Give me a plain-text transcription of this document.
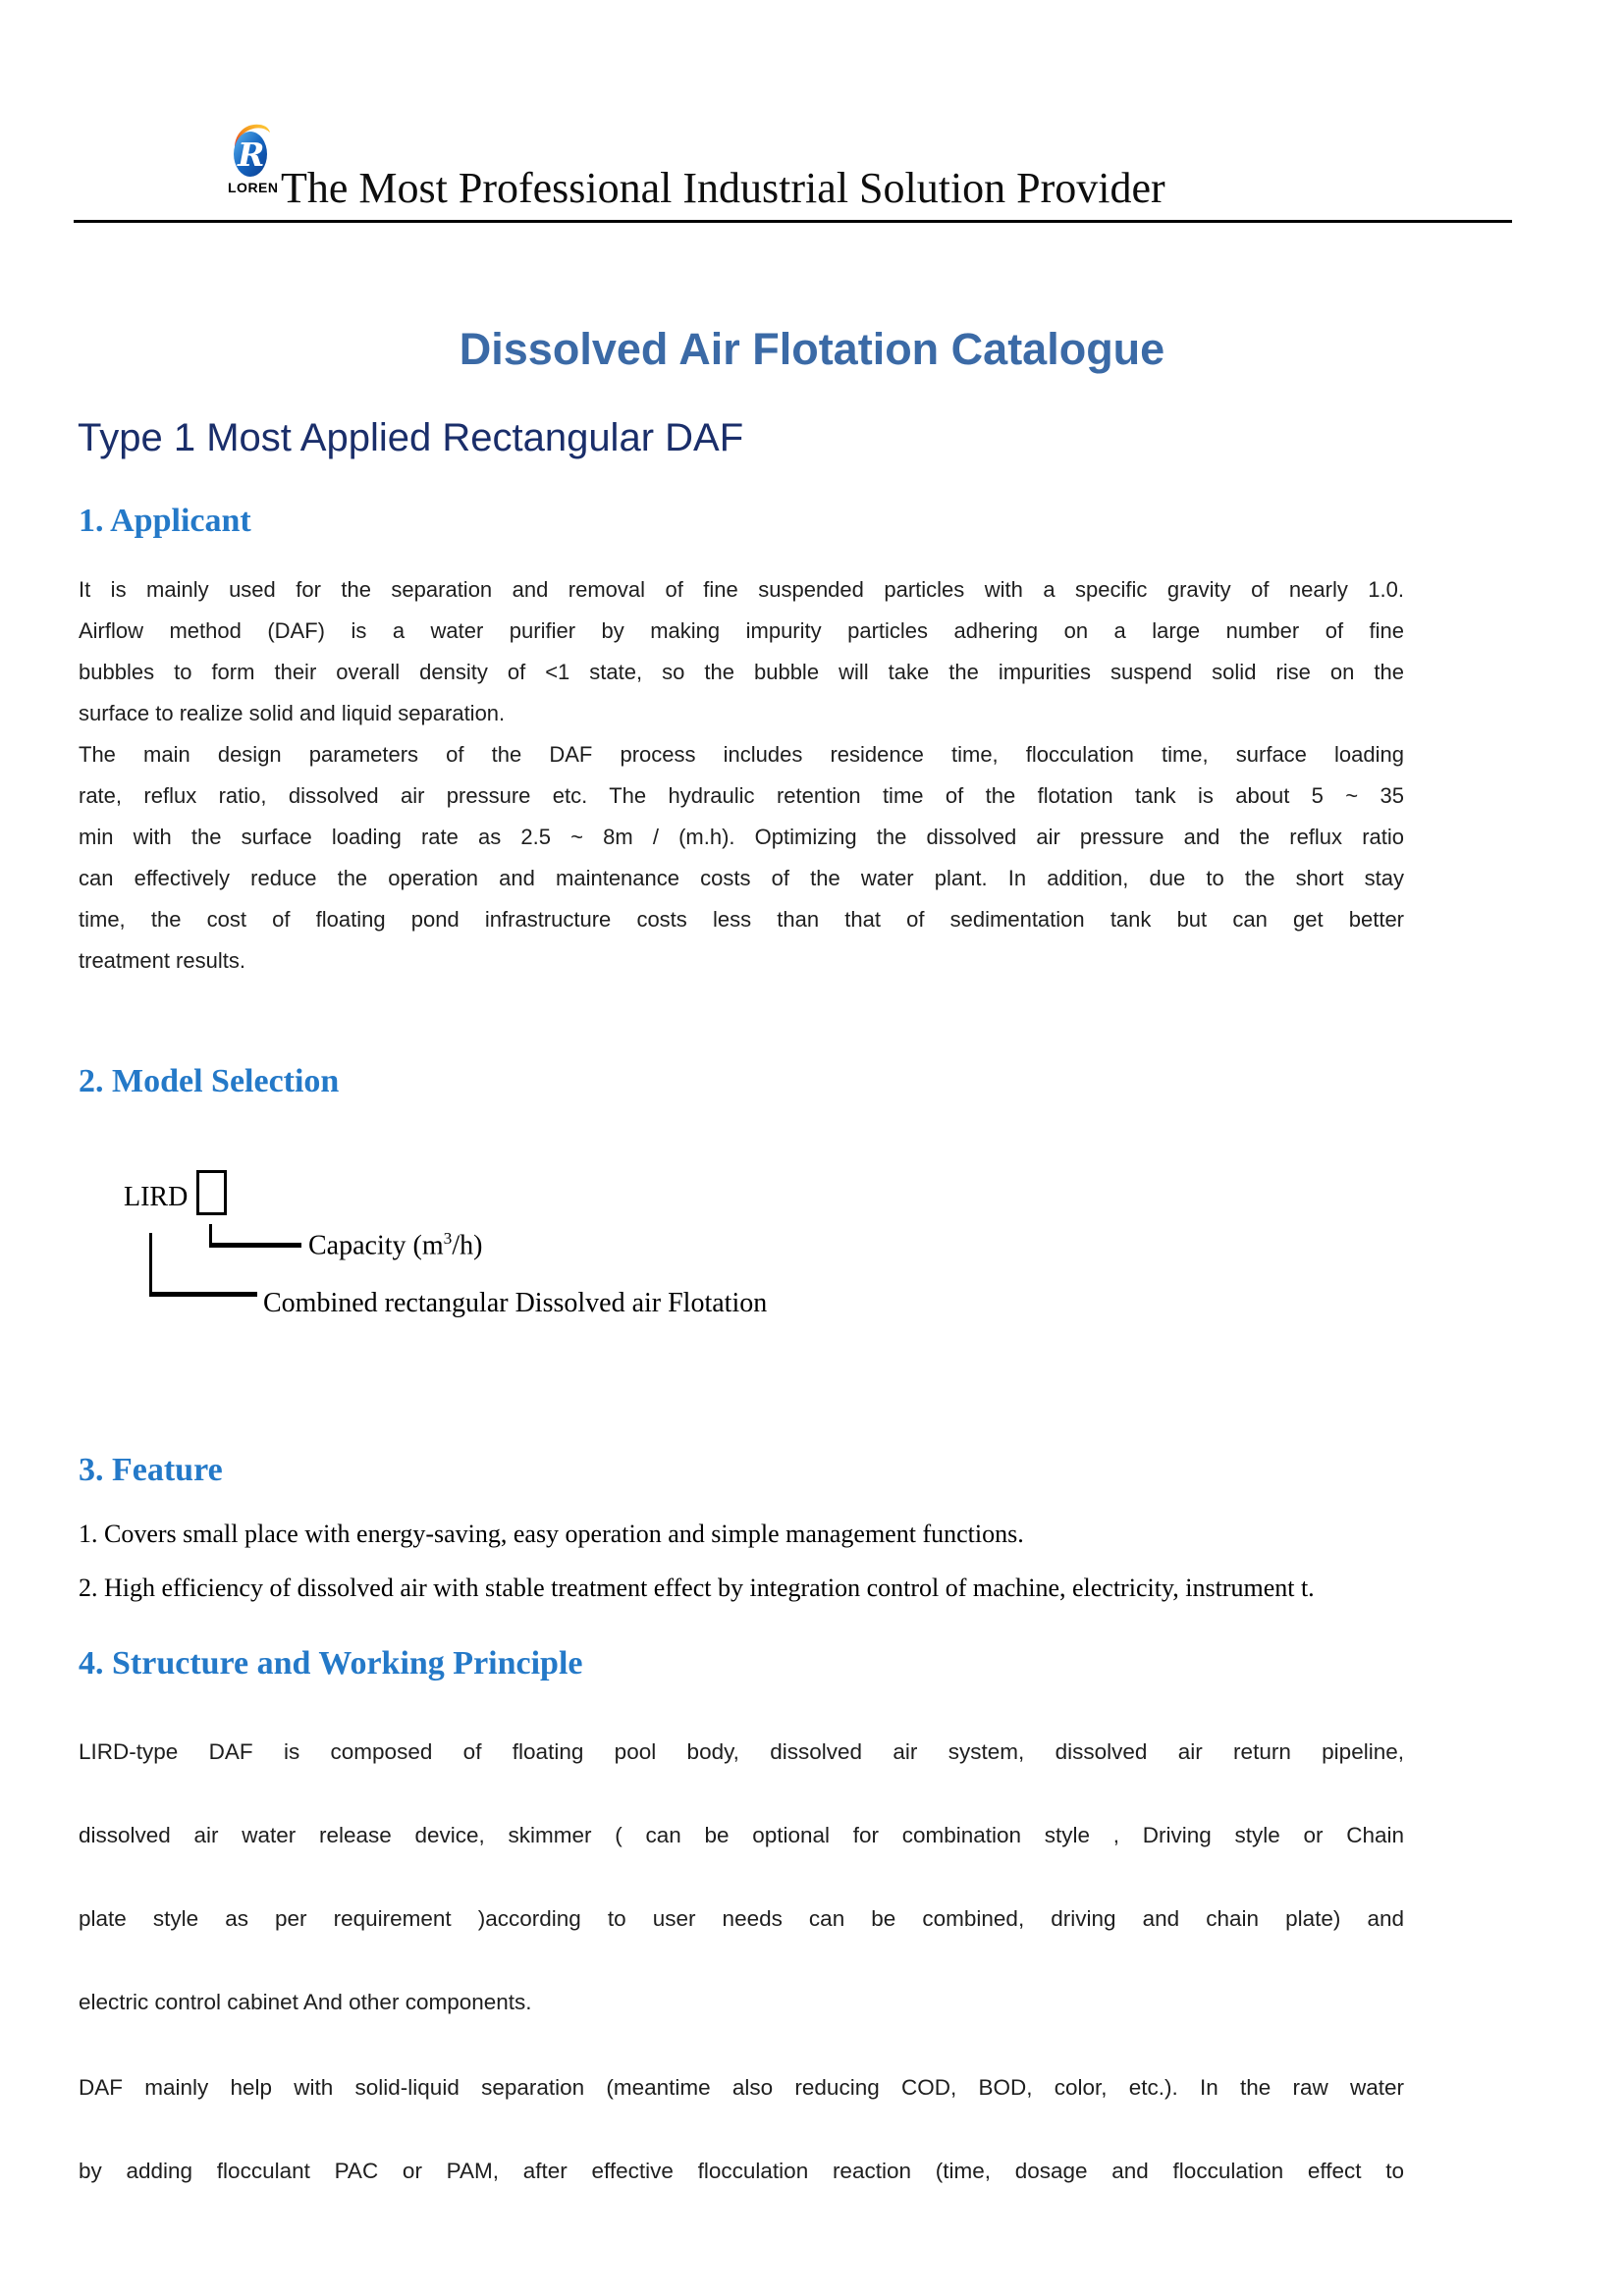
R
LOREN The Most Professional Industrial Solution Provider
Dissolved Air Flotation Catalogue
Type 1 Most Applied Rectangular DAF
1. Applicant
It is mainly used for the separation and removal of fine suspended particles with a specific gravity of nearly 1.0.
Airflow method (DAF) is a water purifier by making impurity particles adhering on a large number of fine
bubbles to form their overall density of <1 state, so the bubble will take the impurities suspend solid rise on the
surface to realize solid and liquid separation.
The main design parameters of the DAF process includes residence time, flocculation time, surface loading
rate, reflux ratio, dissolved air pressure etc. The hydraulic retention time of the flotation tank is about 5 ~ 35
min with the surface loading rate as 2.5 ~ 8m / (m.h). Optimizing the dissolved air pressure and the reflux ratio
can effectively reduce the operation and maintenance costs of the water plant. In addition, due to the short stay
time, the cost of floating pond infrastructure costs less than that of sedimentation tank but can get better
treatment results.
2. Model Selection
LIRD
Capacity $(m^3/h)$
Combined rectangular Dissolved air Flotation
3. Feature
1. Covers small place with energy-saving, easy operation and simple management functions.
2. High efficiency of dissolved air with stable treatment effect by integration control of machine, electricity, instrument t.
4. Structure and Working Principle
LIRD-type DAF is composed of floating pool body, dissolved air system, dissolved air return pipeline,
dissolved air water release device, skimmer ( can be optional for combination style , Driving style or Chain
plate style as per requirement )according to user needs can be combined, driving and chain plate) and
electric control cabinet And other components.
DAF mainly help with solid-liquid separation (meantime also reducing COD, BOD, color, etc.). In the raw water
by adding flocculant PAC or PAM, after effective flocculation reaction (time, dosage and flocculation effect to
